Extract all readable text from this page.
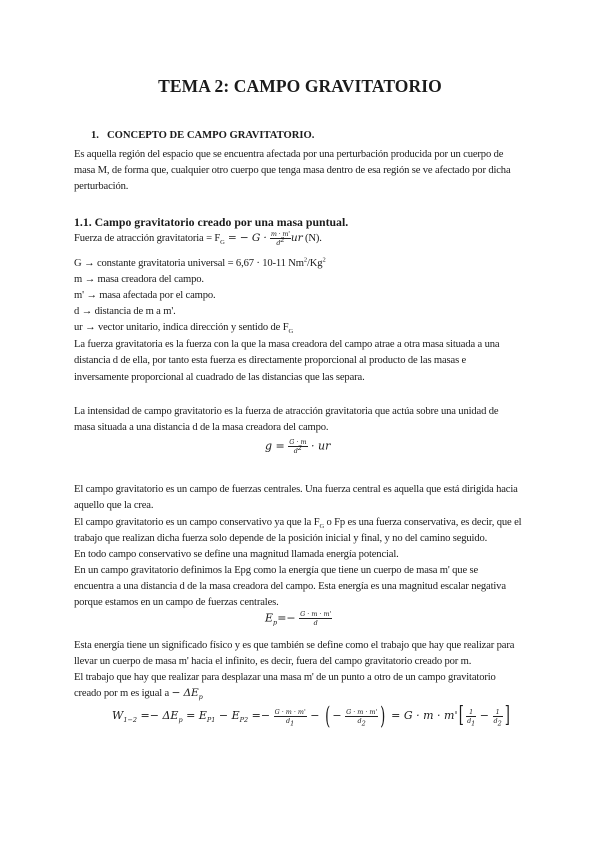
TEMA 2: CAMPO GRAVITATORIO
1. CONCEPTO DE CAMPO GRAVITATORIO.
Es aquella región del espacio que se encuentra afectada por una perturbación producida por un cuerpo de
masa M, de forma que, cualquier otro cuerpo que tenga masa dentro de esa región se ve afectado por dicha
perturbación.
1.1. Campo gravitatorio creado por una masa puntual.
Fuerza de atracción gravitatoria = $F_G$ = − $G \cdot \frac{m \cdot m'}{d^2}$ ur (N).
G → constante gravitatoria universal = 6,67 · 10-11 Nm$^2$/Kg$^2$
m → masa creadora del campo.
m' → masa afectada por el campo.
d → distancia de m a m'.
ur → vector unitario, indica dirección y sentido de $F_G$
La fuerza gravitatoria es la fuerza con la que la masa creadora del campo atrae a otra masa situada a una
distancia d de ella, por tanto esta fuerza es directamente proporcional al producto de las masas e
inversamente proporcional al cuadrado de las distancias que las separa.
La intensidad de campo gravitatorio es la fuerza de atracción gravitatoria que actúa sobre una unidad de
masa situada a una distancia d de la masa creadora del campo.
$g = \frac{G \cdot m}{d^2}$ · ur
El campo gravitatorio es un campo de fuerzas centrales. Una fuerza central es aquella que está dirigida hacia
aquello que la crea.
El campo gravitatorio es un campo conservativo ya que la $F_G$ o Fp es una fuerza conservativa, es decir, que el
trabajo que realizan dicha fuerza solo depende de la posición inicial y final, y no del camino seguido.
En todo campo conservativo se define una magnitud llamada energía potencial.
En un campo gravitatorio definimos la Epg como la energía que tiene un cuerpo de masa m' que se
encuentra a una distancia d de la masa creadora del campo. Esta energía es una magnitud escalar negativa
porque estamos en un campo de fuerzas centrales.
$E_p=- \frac{G \cdot m \cdot m'}{d}$
Esta energía tiene un significado físico y es que también se define como el trabajo que hay que realizar para
llevar un cuerpo de masa m' hacia el infinito, es decir, fuera del campo gravitatorio creado por m.
El trabajo que hay que realizar para desplazar una masa m' de un punto a otro de un campo gravitatorio
creado por m es igual $a - \Delta E_p$
$W_{1-2} =- \Delta E_p = E_{P1} - E_{P2} =- \frac{G \cdot m \cdot m'}{d_1}$ − ( − $\frac{G \cdot m \cdot m'}{d_2}$ ) = $G \cdot m \cdot m'[ \frac{1}{d_1} - \frac{1}{d_2}$ ]
